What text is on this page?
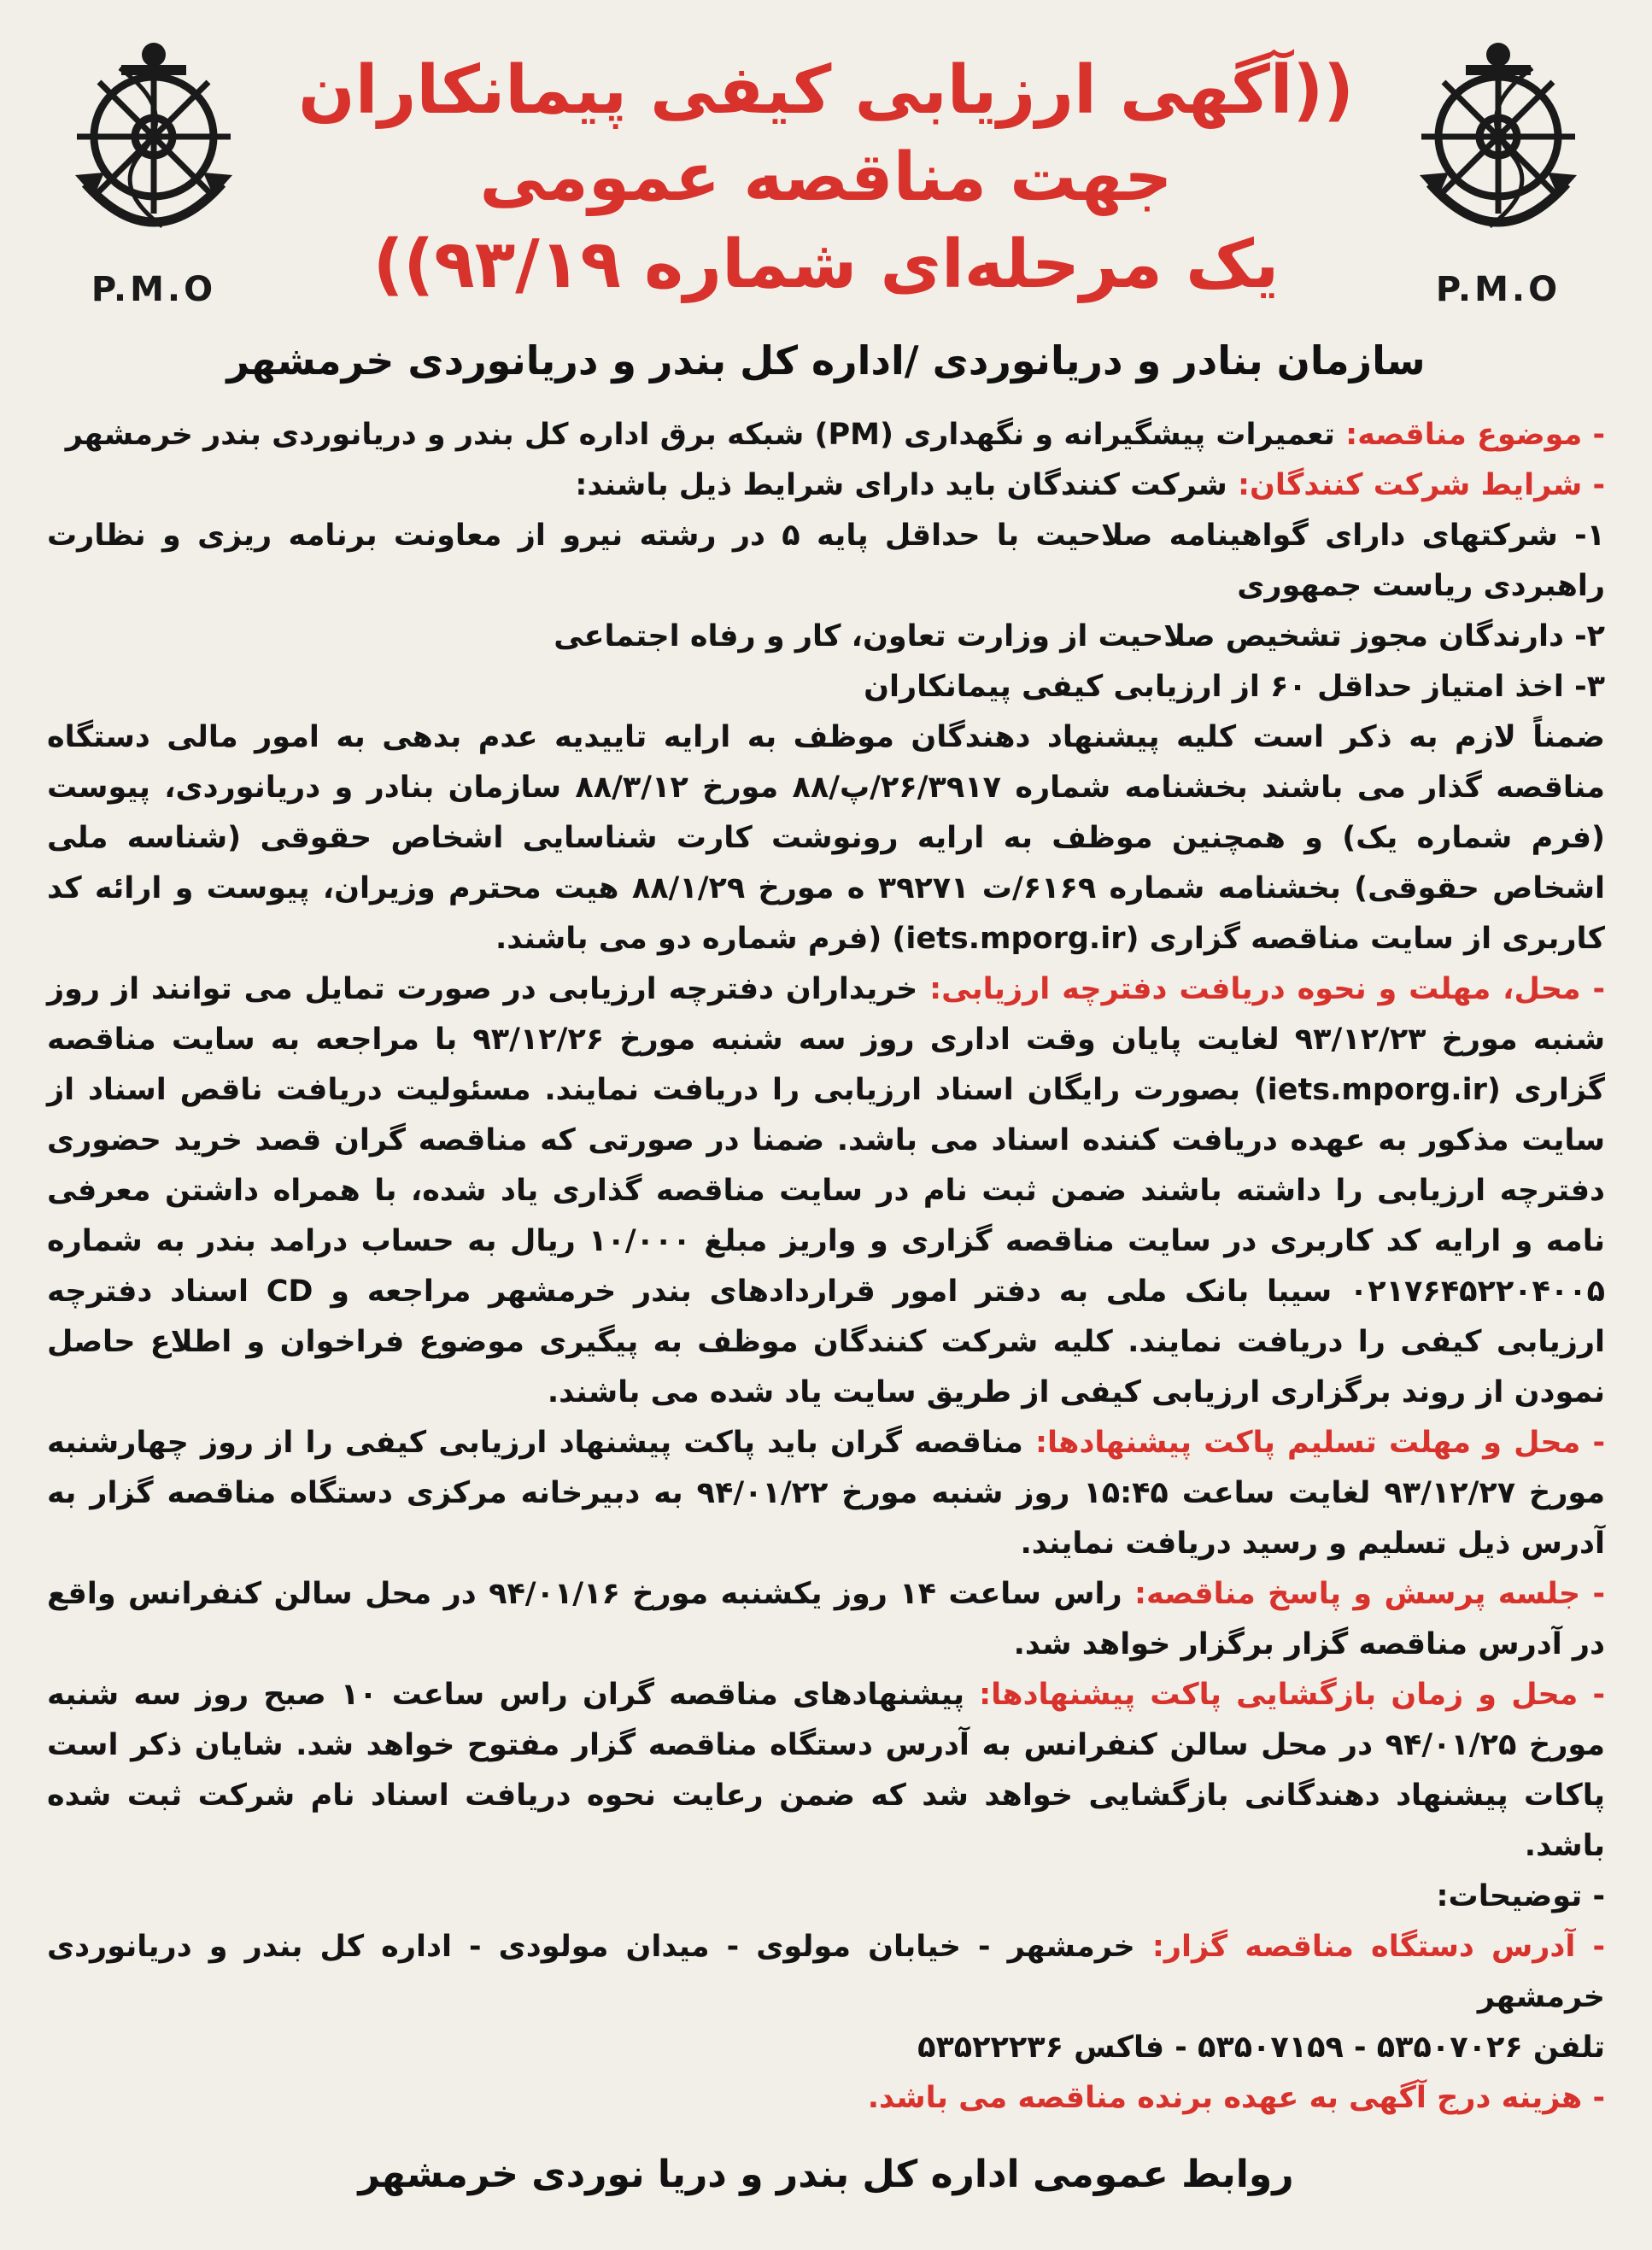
P.M.O	P.M.O
((آگهی ارزیابی کیفی پیمانکاران
جهت مناقصه عمومی
یک مرحله‌ای شماره ۹۳/۱۹))
سازمان بنادر و دریانوردی /اداره کل بندر و دریانوردی خرمشهر

- موضوع مناقصه: تعمیرات پیشگیرانه و نگهداری (PM) شبکه برق اداره کل بندر و دریانوردی بندر خرمشهر

- شرایط شرکت کنندگان: شرکت کنندگان باید دارای شرایط ذیل باشند:

۱- شرکتهای دارای گواهینامه صلاحیت با حداقل پایه ۵ در رشته نیرو از معاونت برنامه ریزی و نظارت راهبردی ریاست جمهوری

۲- دارندگان مجوز تشخیص صلاحیت از وزارت تعاون، کار و رفاه اجتماعی

۳- اخذ امتیاز حداقل ۶۰ از ارزیابی کیفی پیمانکاران

ضمناً لازم به ذکر است کلیه پیشنهاد دهندگان موظف به ارایه تاییدیه عدم بدهی به امور مالی دستگاه مناقصه گذار می باشند بخشنامه شماره ۲۶/۳۹۱۷/پ/۸۸ مورخ ۸۸/۳/۱۲ سازمان بنادر و دریانوردی، پیوست (فرم شماره یک) و همچنین موظف به ارایه رونوشت کارت شناسایی اشخاص حقوقی (شناسه ملی اشخاص حقوقی) بخشنامه شماره ۶۱۶۹/ت ۳۹۲۷۱ ه مورخ ۸۸/۱/۲۹ هیت محترم وزیران، پیوست و ارائه کد کاربری از سایت مناقصه گزاری (iets.mporg.ir) (فرم شماره دو می باشند.

- محل، مهلت و نحوه دریافت دفترچه ارزیابی: خریداران دفترچه ارزیابی در صورت تمایل می توانند از روز شنبه مورخ ۹۳/۱۲/۲۳ لغایت پایان وقت اداری روز سه شنبه مورخ ۹۳/۱۲/۲۶ با مراجعه به سایت مناقصه گزاری (iets.mporg.ir) بصورت رایگان اسناد ارزیابی را دریافت نمایند. مسئولیت دریافت ناقص اسناد از سایت مذکور به عهده دریافت کننده اسناد می باشد. ضمنا در صورتی که مناقصه گران قصد خرید حضوری دفترچه ارزیابی را داشته باشند ضمن ثبت نام در سایت مناقصه گذاری یاد شده، با همراه داشتن معرفی نامه و ارایه کد کاربری در سایت مناقصه گزاری و واریز مبلغ ۱۰/۰۰۰ ریال به حساب درامد بندر به شماره ۰۲۱۷۶۴۵۲۲۰۴۰۰۵ سیبا بانک ملی به دفتر امور قراردادهای بندر خرمشهر مراجعه و CD اسناد دفترچه ارزیابی کیفی را دریافت نمایند. کلیه شرکت کنندگان موظف به پیگیری موضوع فراخوان و اطلاع حاصل نمودن از روند برگزاری ارزیابی کیفی از طریق سایت یاد شده می باشند.

- محل و مهلت تسلیم پاکت پیشنهادها: مناقصه گران باید پاکت پیشنهاد ارزیابی کیفی را از روز چهارشنبه مورخ ۹۳/۱۲/۲۷ لغایت ساعت ۱۵:۴۵ روز شنبه مورخ ۹۴/۰۱/۲۲ به دبیرخانه مرکزی دستگاه مناقصه گزار به آدرس ذیل تسلیم و رسید دریافت نمایند.

- جلسه پرسش و پاسخ مناقصه: راس ساعت ۱۴ روز یکشنبه مورخ ۹۴/۰۱/۱۶ در محل سالن کنفرانس واقع در آدرس مناقصه گزار برگزار خواهد شد.

- محل و زمان بازگشایی پاکت پیشنهادها: پیشنهادهای مناقصه گران راس ساعت ۱۰ صبح روز سه شنبه مورخ ۹۴/۰۱/۲۵ در محل سالن کنفرانس به آدرس دستگاه مناقصه گزار مفتوح خواهد شد. شایان ذکر است پاکات پیشنهاد دهندگانی بازگشایی خواهد شد که ضمن رعایت نحوه دریافت اسناد نام شرکت ثبت شده باشد.

- توضیحات:

- آدرس دستگاه مناقصه گزار: خرمشهر - خیابان مولوی - میدان مولودی - اداره کل بندر و دریانوردی خرمشهر

تلفن ۵۳۵۰۷۰۲۶ - ۵۳۵۰۷۱۵۹ - فاکس ۵۳۵۲۲۲۳۶

- هزینه درج آگهی به عهده برنده مناقصه می باشد.

روابط عمومی اداره کل بندر و دریا نوردی خرمشهر
